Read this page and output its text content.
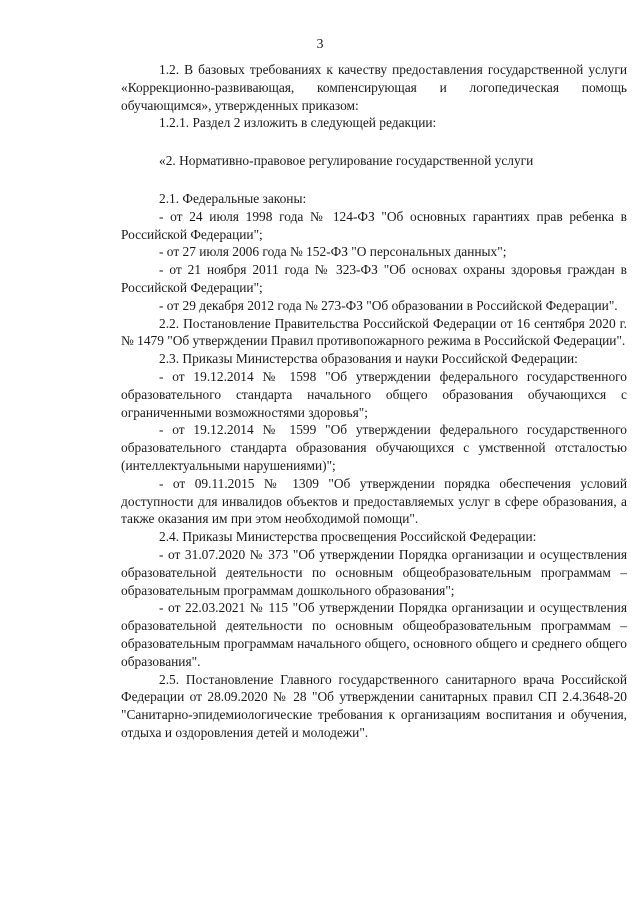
3

1.2. В базовых требованиях к качеству предоставления государственной услуги «Коррекционно-развивающая, компенсирующая и логопедическая помощь обучающимся», утвержденных приказом:

1.2.1. Раздел 2 изложить в следующей редакции:

«2. Нормативно-правовое регулирование государственной услуги

2.1. Федеральные законы:

- от 24 июля 1998 года № 124-ФЗ "Об основных гарантиях прав ребенка в Российской Федерации";

- от 27 июля 2006 года № 152-ФЗ "О персональных данных";

- от 21 ноября 2011 года № 323-ФЗ "Об основах охраны здоровья граждан в Российской Федерации";

- от 29 декабря 2012 года № 273-ФЗ "Об образовании в Российской Федерации".

2.2. Постановление Правительства Российской Федерации от 16 сентября 2020 г. № 1479 "Об утверждении Правил противопожарного режима в Российской Федерации".

2.3. Приказы Министерства образования и науки Российской Федерации:

- от 19.12.2014 № 1598 "Об утверждении федерального государственного образовательного стандарта начального общего образования обучающихся с ограниченными возможностями здоровья";

- от 19.12.2014 № 1599 "Об утверждении федерального государственного образовательного стандарта образования обучающихся с умственной отсталостью (интеллектуальными нарушениями)";

- от 09.11.2015 № 1309 "Об утверждении порядка обеспечения условий доступности для инвалидов объектов и предоставляемых услуг в сфере образования, а также оказания им при этом необходимой помощи".

2.4. Приказы Министерства просвещения Российской Федерации:

- от 31.07.2020 № 373 "Об утверждении Порядка организации и осуществления образовательной деятельности по основным общеобразовательным программам – образовательным программам дошкольного образования";

- от 22.03.2021 № 115 "Об утверждении Порядка организации и осуществления образовательной деятельности по основным общеобразовательным программам – образовательным программам начального общего, основного общего и среднего общего образования".

2.5. Постановление Главного государственного санитарного врача Российской Федерации от 28.09.2020 № 28 "Об утверждении санитарных правил СП 2.4.3648-20 "Санитарно-эпидемиологические требования к организациям воспитания и обучения, отдыха и оздоровления детей и молодежи".
